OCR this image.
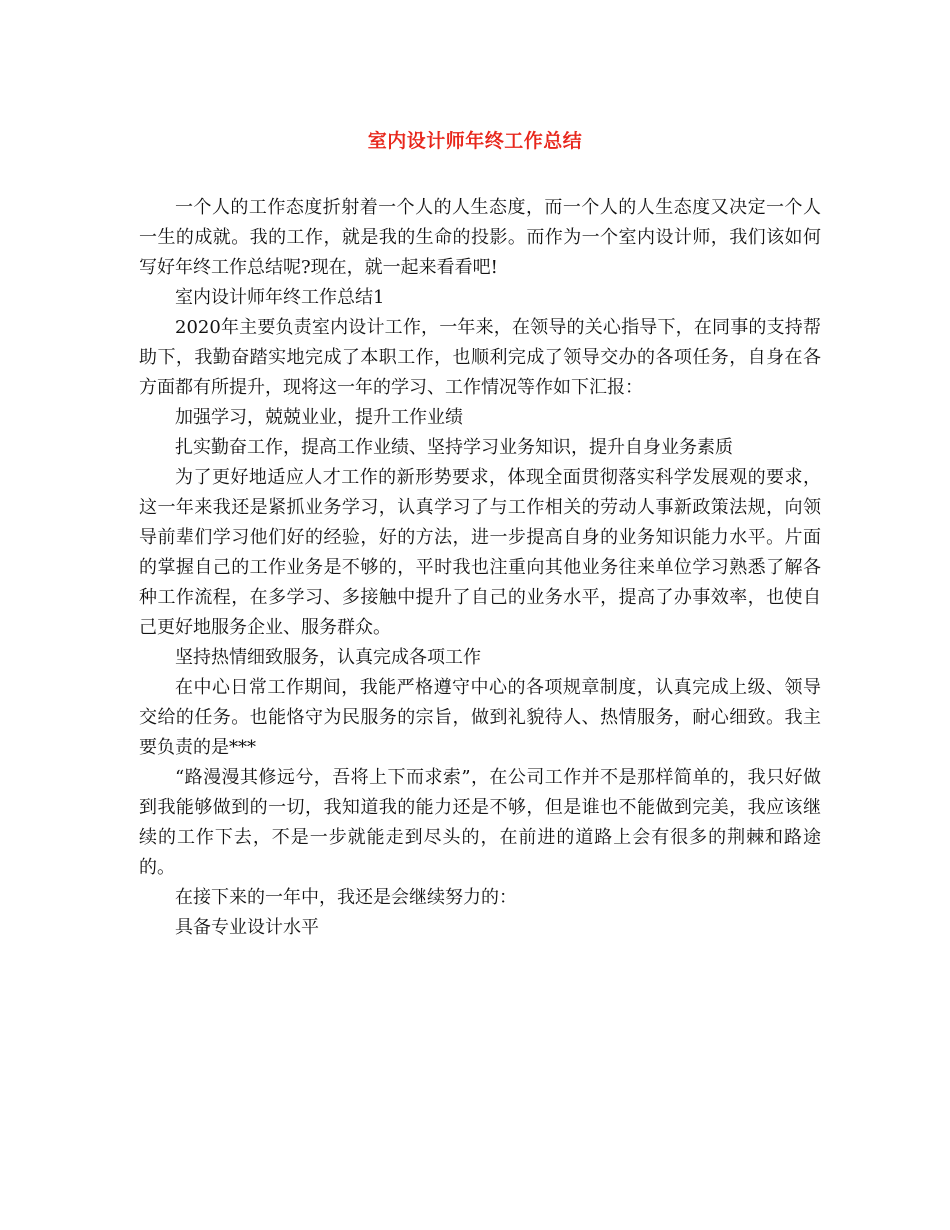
室内设计师年终工作总结

一个人的工作态度折射着一个人的人生态度，而一个人的人生态度又决定一个人一生的成就。我的工作，就是我的生命的投影。而作为一个室内设计师，我们该如何写好年终工作总结呢?现在，就一起来看看吧!

室内设计师年终工作总结1

2020年主要负责室内设计工作，一年来，在领导的关心指导下，在同事的支持帮助下，我勤奋踏实地完成了本职工作，也顺利完成了领导交办的各项任务，自身在各方面都有所提升，现将这一年的学习、工作情况等作如下汇报：

加强学习，兢兢业业，提升工作业绩

扎实勤奋工作，提高工作业绩、坚持学习业务知识，提升自身业务素质

为了更好地适应人才工作的新形势要求，体现全面贯彻落实科学发展观的要求，这一年来我还是紧抓业务学习，认真学习了与工作相关的劳动人事新政策法规，向领导前辈们学习他们好的经验，好的方法，进一步提高自身的业务知识能力水平。片面的掌握自己的工作业务是不够的，平时我也注重向其他业务往来单位学习熟悉了解各种工作流程，在多学习、多接触中提升了自己的业务水平，提高了办事效率，也使自己更好地服务企业、服务群众。

坚持热情细致服务，认真完成各项工作

在中心日常工作期间，我能严格遵守中心的各项规章制度，认真完成上级、领导交给的任务。也能恪守为民服务的宗旨，做到礼貌待人、热情服务，耐心细致。我主要负责的是***

“路漫漫其修远兮，吾将上下而求索”，在公司工作并不是那样简单的，我只好做到我能够做到的一切，我知道我的能力还是不够，但是谁也不能做到完美，我应该继续的工作下去，不是一步就能走到尽头的，在前进的道路上会有很多的荆棘和路途的。

在接下来的一年中，我还是会继续努力的：

具备专业设计水平
